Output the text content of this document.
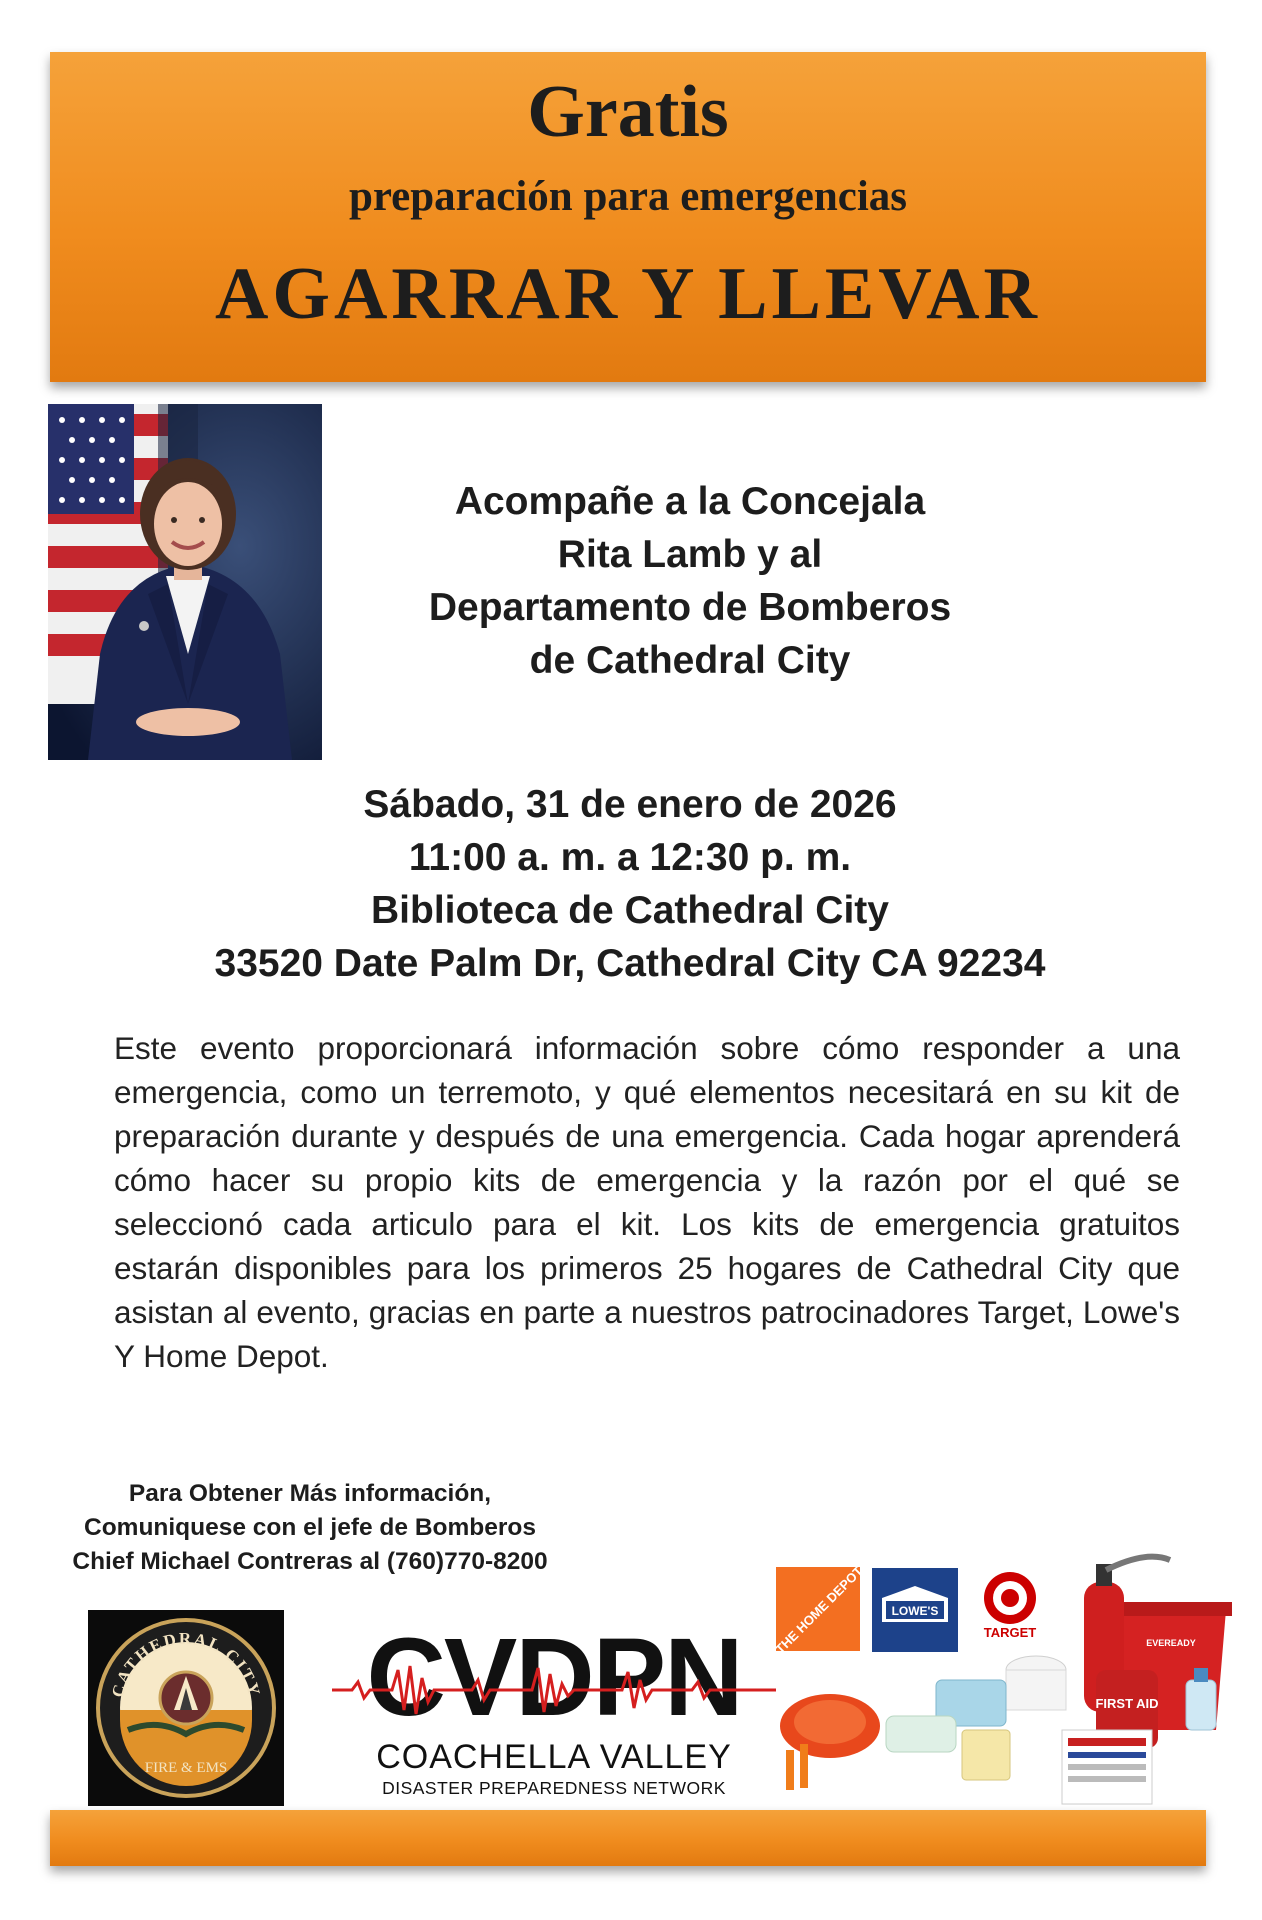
Gratis
preparación para emergencias
AGARRAR Y LLEVAR
Acompañe a la Concejala
Rita Lamb y al
Departamento de Bomberos
de Cathedral City
Sábado, 31 de enero de 2026
11:00 a. m. a 12:30 p. m.
Biblioteca de Cathedral City
33520 Date Palm Dr, Cathedral City CA 92234

Este evento proporcionará información sobre cómo responder a una emergencia, como un terremoto, y qué elementos necesitará en su kit de preparación durante y después de una emergencia. Cada hogar aprenderá cómo hacer su propio kits de emergencia y la razón por el qué se seleccionó cada articulo para el kit. Los kits de emergencia gratuitos estarán disponibles para los primeros 25 hogares de Cathedral City que asistan al evento, gracias en parte a nuestros patrocinadores Target, Lowe's Y Home Depot.

Para Obtener Más información,
Comuniquese con el jefe de Bomberos
Chief Michael Contreras al (760)770-8200
CATHEDRAL CITY
FIRE & EMS
CVDPN
COACHELLA VALLEY
DISASTER PREPAREDNESS NETWORK
FIRST AID
EVEREADY
THE HOME DEPOT LOWE'S
TARGET
